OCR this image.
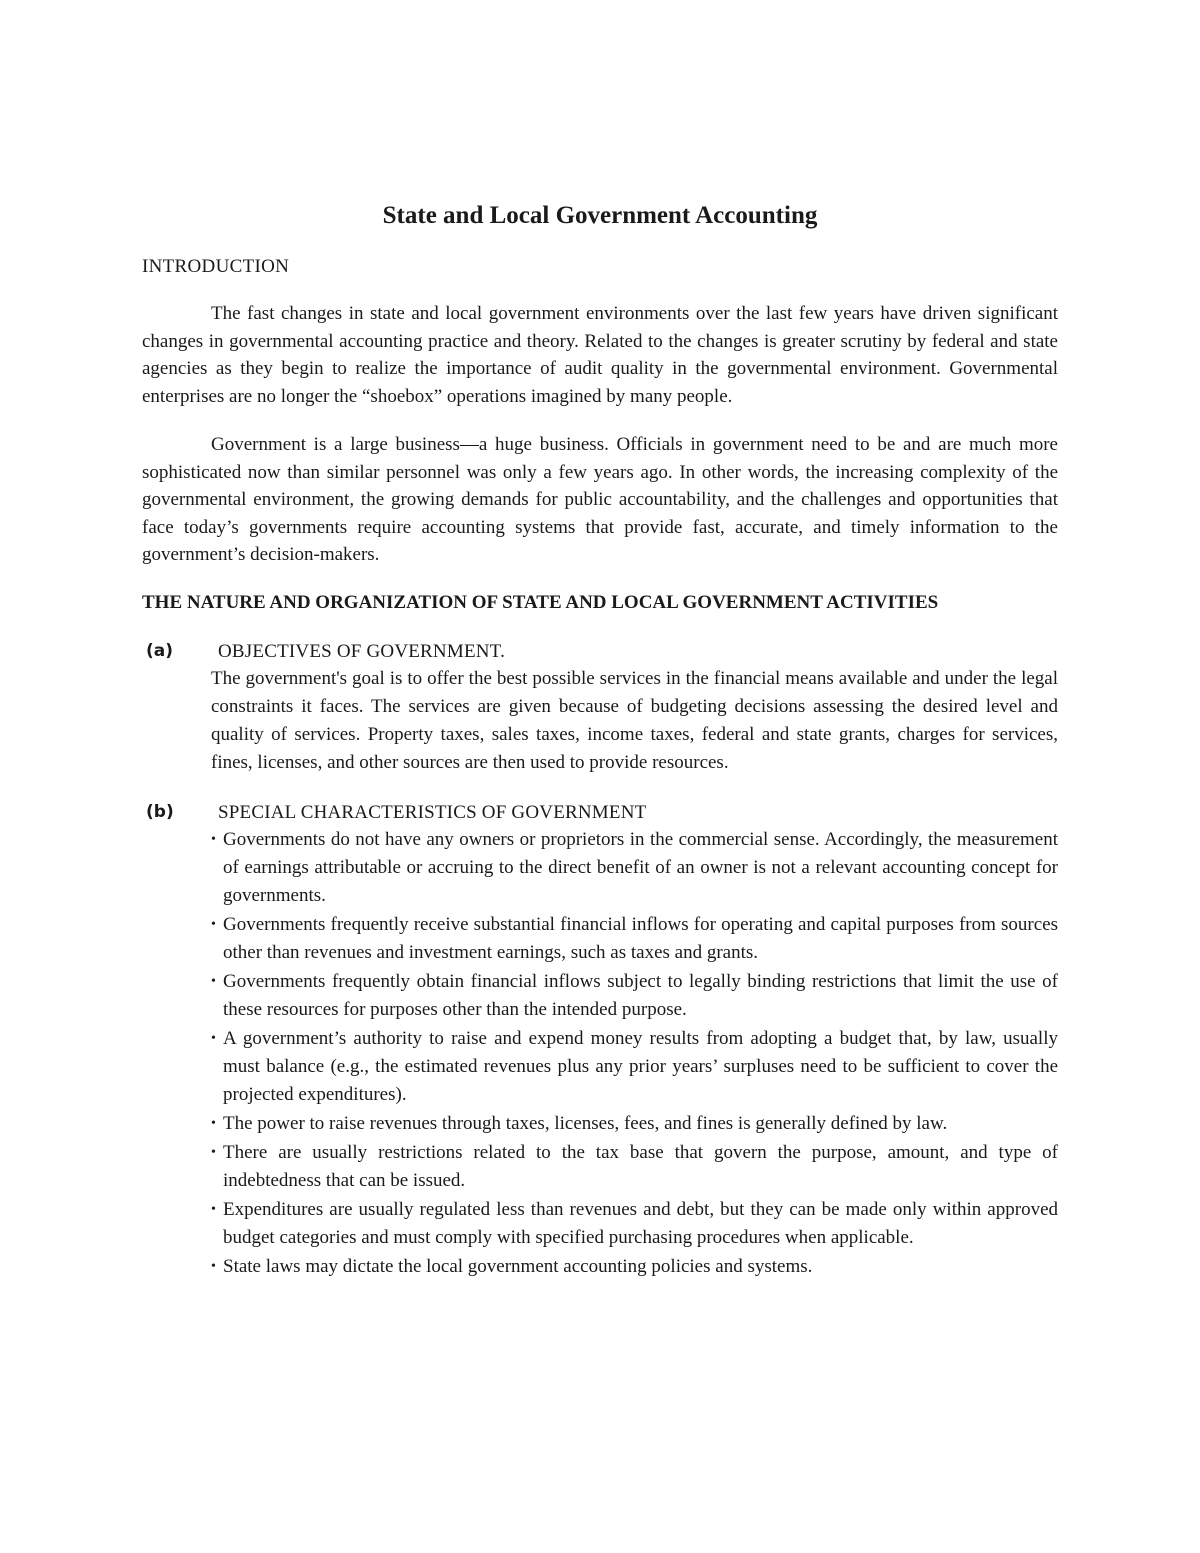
State and Local Government Accounting
INTRODUCTION

The fast changes in state and local government environments over the last few years have driven significant changes in governmental accounting practice and theory. Related to the changes is greater scrutiny by federal and state agencies as they begin to realize the importance of audit quality in the governmental environment. Governmental enterprises are no longer the “shoebox” operations imagined by many people.

Government is a large business—a huge business. Officials in government need to be and are much more sophisticated now than similar personnel was only a few years ago. In other words, the increasing complexity of the governmental environment, the growing demands for public accountability, and the challenges and opportunities that face today’s governments require accounting systems that provide fast, accurate, and timely information to the government’s decision-makers.

THE NATURE AND ORGANIZATION OF STATE AND LOCAL GOVERNMENT ACTIVITIES
(a)	OBJECTIVES OF GOVERNMENT.

The government's goal is to offer the best possible services in the financial means available and under the legal constraints it faces. The services are given because of budgeting decisions assessing the desired level and quality of services. Property taxes, sales taxes, income taxes, federal and state grants, charges for services, fines, licenses, and other sources are then used to provide resources.

(b)	SPECIAL CHARACTERISTICS OF GOVERNMENT
• Governments do not have any owners or proprietors in the commercial sense. Accordingly, the measurement of earnings attributable or accruing to the direct benefit of an owner is not a relevant accounting concept for governments.
• Governments frequently receive substantial financial inflows for operating and capital purposes from sources other than revenues and investment earnings, such as taxes and grants.
• Governments frequently obtain financial inflows subject to legally binding restrictions that limit the use of these resources for purposes other than the intended purpose.
• A government’s authority to raise and expend money results from adopting a budget that, by law, usually must balance (e.g., the estimated revenues plus any prior years’ surpluses need to be sufficient to cover the projected expenditures).
• The power to raise revenues through taxes, licenses, fees, and fines is generally defined by law.
• There are usually restrictions related to the tax base that govern the purpose, amount, and type of indebtedness that can be issued.
• Expenditures are usually regulated less than revenues and debt, but they can be made only within approved budget categories and must comply with specified purchasing procedures when applicable.
• State laws may dictate the local government accounting policies and systems.
